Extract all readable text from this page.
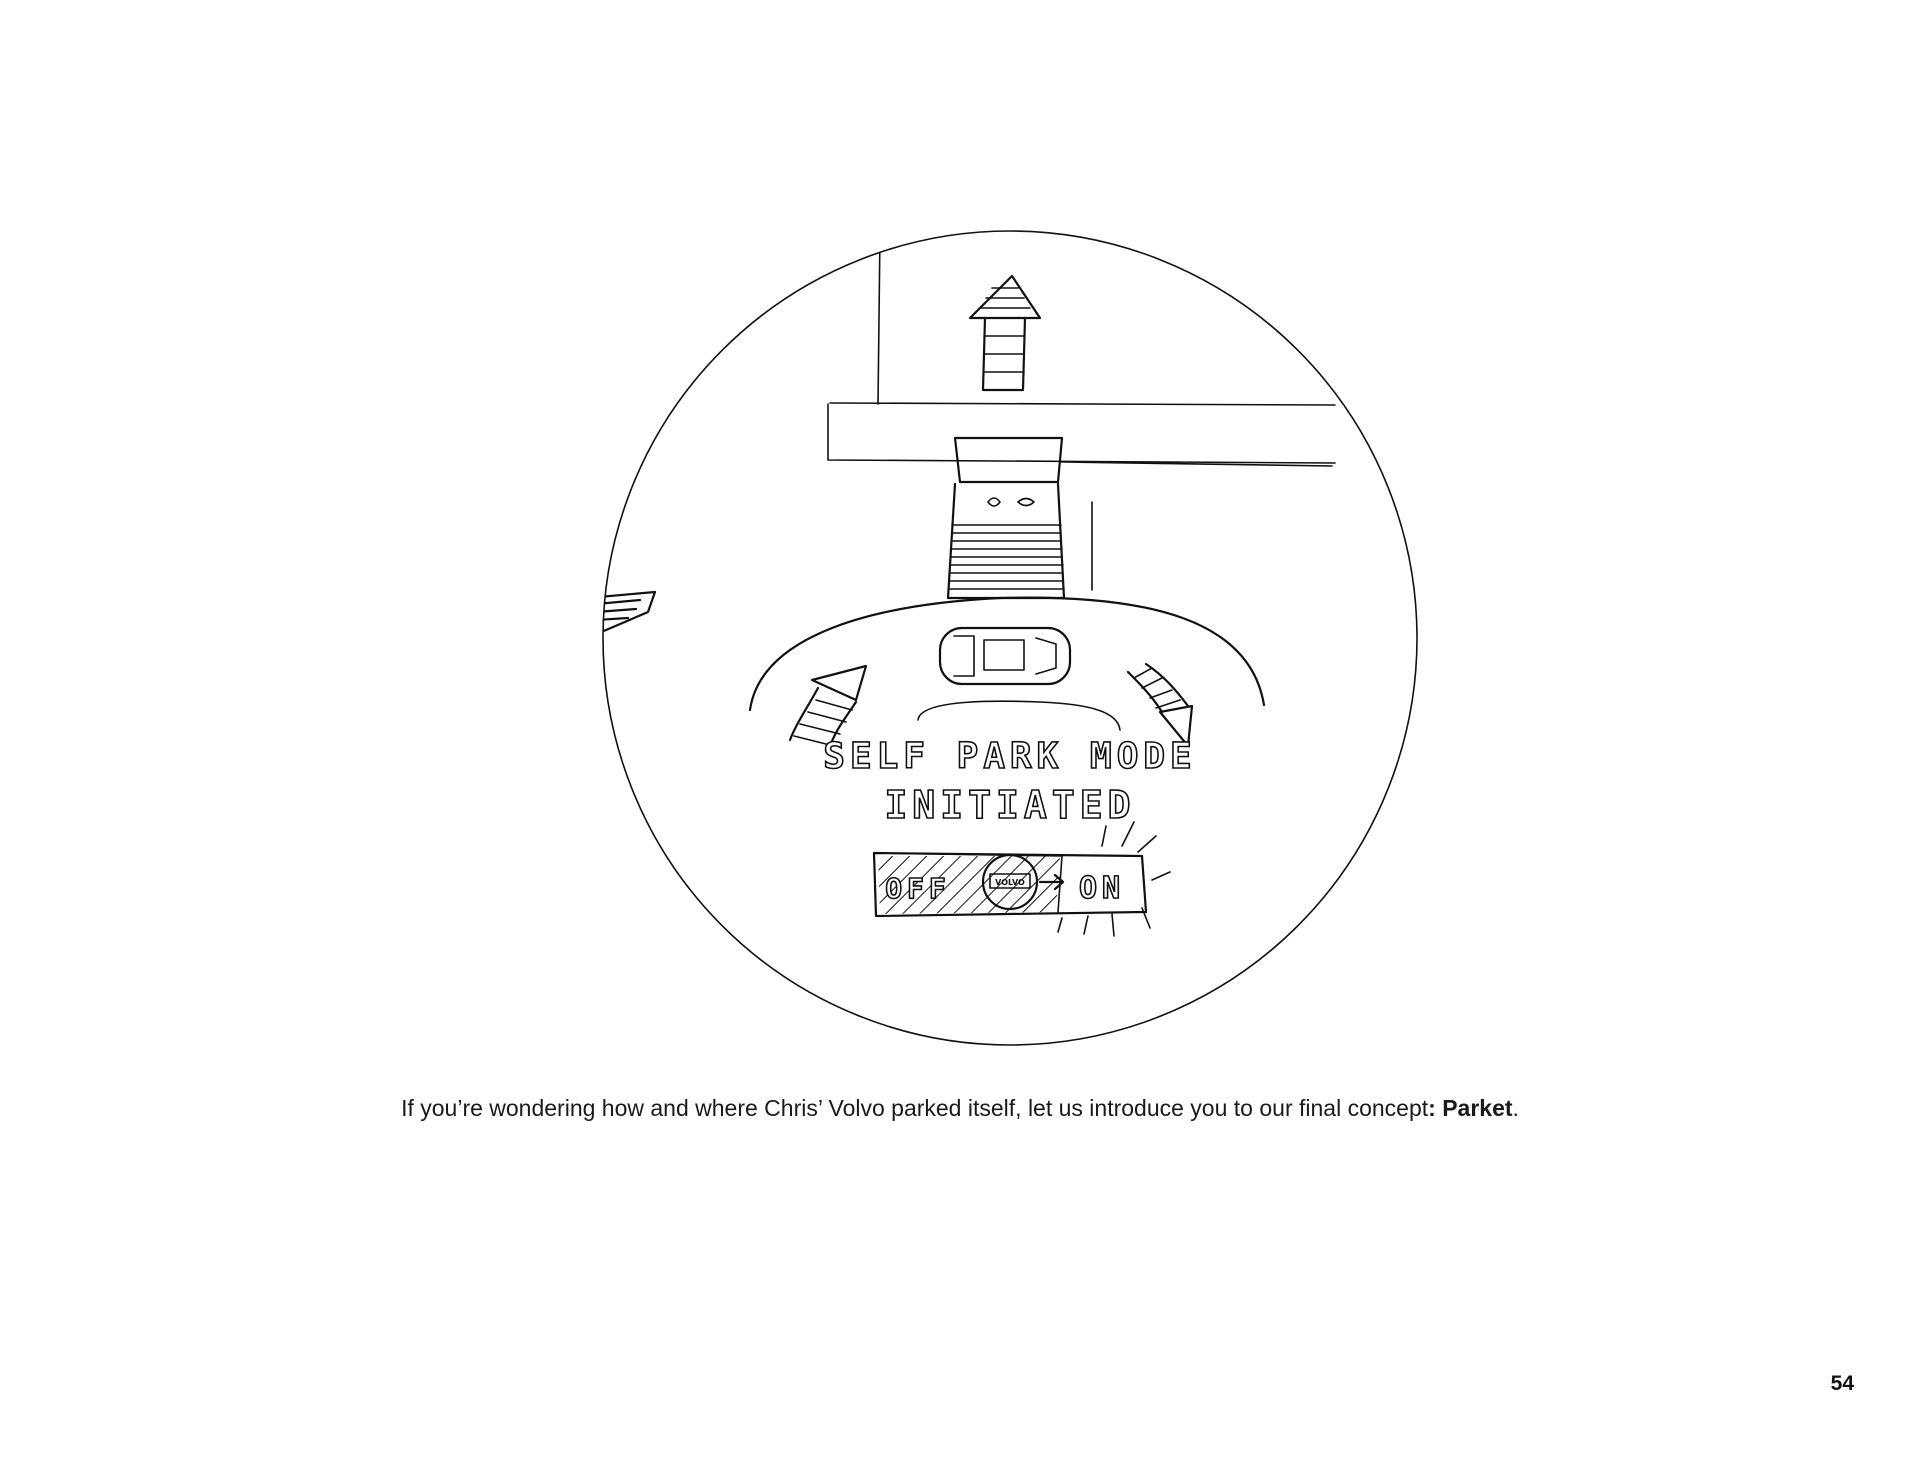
SELF PARK MODE
INITIATED
OFF	VOLVO ON
If you’re wondering how and where Chris’ Volvo parked itself, let us introduce you to our final concept: Parket.
54
